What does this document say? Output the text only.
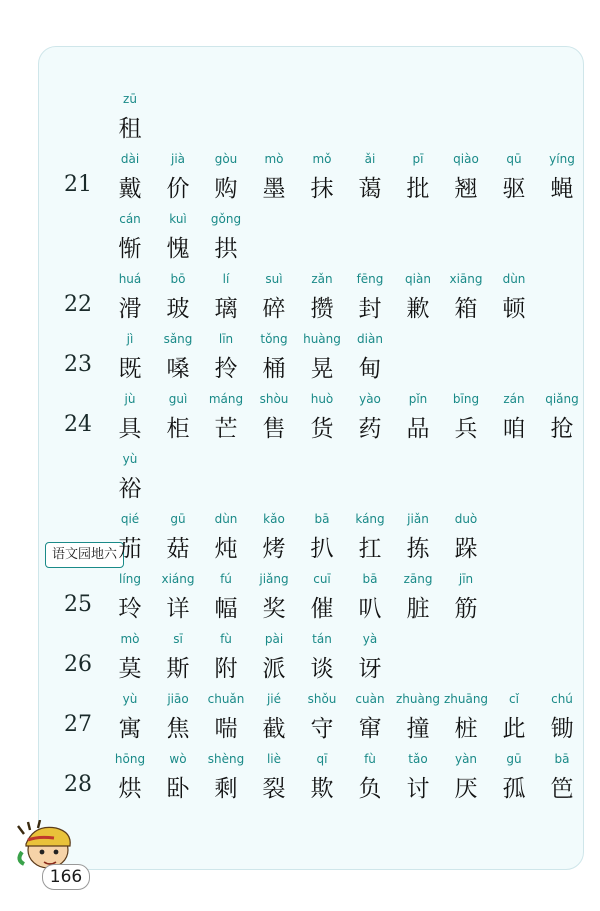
zū
租
21
dài
戴
jià
价
gòu
购
mò
墨
mǒ
抹
ǎi
蔼
pī
批
qiào
翘
qū
驱
yíng
蝇
cán
惭
kuì
愧
gǒng
拱
22
huá
滑
bō
玻
lí
璃
suì
碎
zǎn
攒
fēng
封
qiàn
歉
xiāng
箱
dùn
顿
23
jì
既
sǎng
嗓
līn
拎
tǒng
桶
huàng
晃
diàn
甸
24
jù
具
guì
柜
máng
芒
shòu
售
huò
货
yào
药
pǐn
品
bīng
兵
zán
咱
qiǎng
抢
yù
裕
语文园地六
qié
茄
gū
菇
dùn
炖
kǎo
烤
bā
扒
káng
扛
jiǎn
拣
duò
跺
25
líng
玲
xiáng
详
fú
幅
jiǎng
奖
cuī
催
bā
叭
zāng
脏
jīn
筋
26
mò
莫
sī
斯
fù
附
pài
派
tán
谈
yà
讶
27
yù
寓
jiāo
焦
chuǎn
喘
jié
截
shǒu
守
cuàn
窜
zhuàng
撞
zhuāng
桩
cǐ
此
chú
锄
28
hōng
烘
wò
卧
shèng
剩
liè
裂
qī
欺
fù
负
tǎo
讨
yàn
厌
gū
孤
bā
笆
166
